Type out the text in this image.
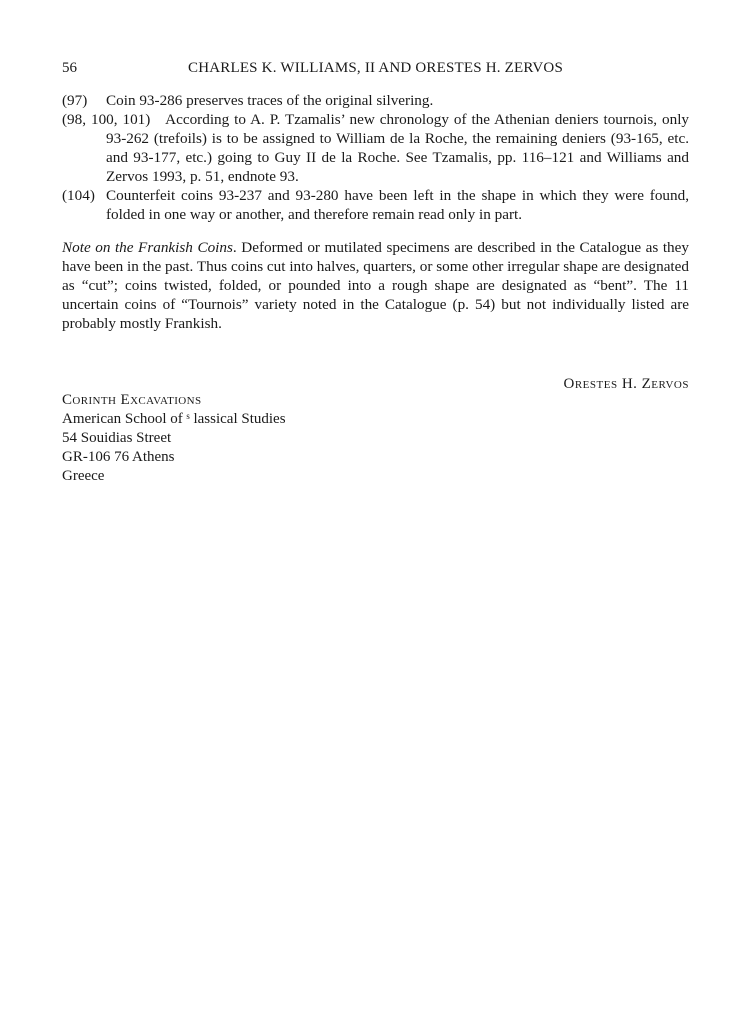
56	CHARLES K. WILLIAMS, II AND ORESTES H. ZERVOS

(97) Coin 93-286 preserves traces of the original silvering.

(98, 100, 101) According to A. P. Tzamalis’ new chronology of the Athenian deniers tournois, only 93-262 (trefoils) is to be assigned to William de la Roche, the remaining deniers (93-165, etc. and 93-177, etc.) going to Guy II de la Roche. See Tzamalis, pp. 116–121 and Williams and Zervos 1993, p. 51, endnote 93.

(104) Counterfeit coins 93-237 and 93-280 have been left in the shape in which they were found, folded in one way or another, and therefore remain read only in part.

Note on the Frankish Coins. Deformed or mutilated specimens are described in the Catalogue as they have been in the past. Thus coins cut into halves, quarters, or some other irregular shape are designated as “cut”; coins twisted, folded, or pounded into a rough shape are designated as “bent”. The 11 uncertain coins of “Tournois” variety noted in the Catalogue (p. 54) but not individually listed are probably mostly Frankish.

Orestes H. Zervos
Corinth Excavations
American School of ˢ lassical Studies
54 Souidias Street
GR-106 76 Athens
Greece
